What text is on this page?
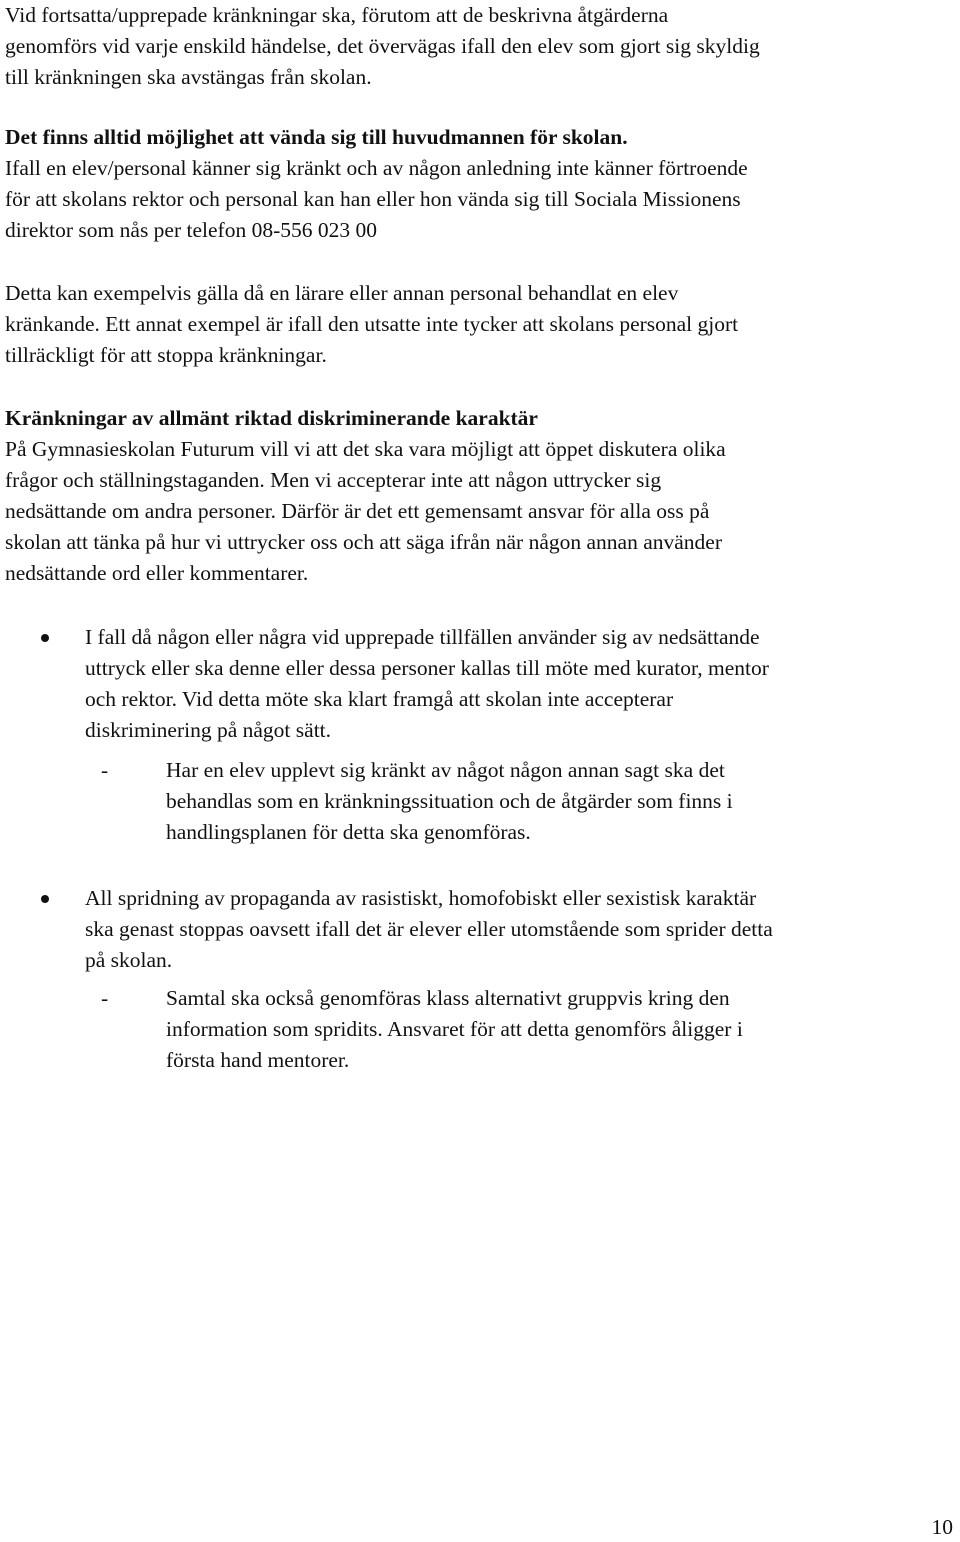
Vid fortsatta/upprepade kränkningar ska, förutom att de beskrivna åtgärderna
genomförs vid varje enskild händelse, det övervägas ifall den elev som gjort sig skyldig
till kränkningen ska avstängas från skolan.

Det finns alltid möjlighet att vända sig till huvudmannen för skolan.
Ifall en elev/personal känner sig kränkt och av någon anledning inte känner förtroende
för att skolans rektor och personal kan han eller hon vända sig till Sociala Missionens
direktor som nås per telefon 08-556 023 00

Detta kan exempelvis gälla då en lärare eller annan personal behandlat en elev
kränkande. Ett annat exempel är ifall den utsatte inte tycker att skolans personal gjort
tillräckligt för att stoppa kränkningar.

Kränkningar av allmänt riktad diskriminerande karaktär
På Gymnasieskolan Futurum vill vi att det ska vara möjligt att öppet diskutera olika
frågor och ställningstaganden. Men vi accepterar inte att någon uttrycker sig
nedsättande om andra personer. Därför är det ett gemensamt ansvar för alla oss på
skolan att tänka på hur vi uttrycker oss och att säga ifrån när någon annan använder
nedsättande ord eller kommentarer.

I fall då någon eller några vid upprepade tillfällen använder sig av nedsättande
uttryck eller ska denne eller dessa personer kallas till möte med kurator, mentor
och rektor. Vid detta möte ska klart framgå att skolan inte accepterar
diskriminering på något sätt.

-	Har en elev upplevt sig kränkt av något någon annan sagt ska det
behandlas som en kränkningssituation och de åtgärder som finns i
handlingsplanen för detta ska genomföras.

All spridning av propaganda av rasistiskt, homofobiskt eller sexistisk karaktär
ska genast stoppas oavsett ifall det är elever eller utomstående som sprider detta
på skolan.

-	Samtal ska också genomföras klass alternativt gruppvis kring den
information som spridits. Ansvaret för att detta genomförs åligger i
första hand mentorer.

10
